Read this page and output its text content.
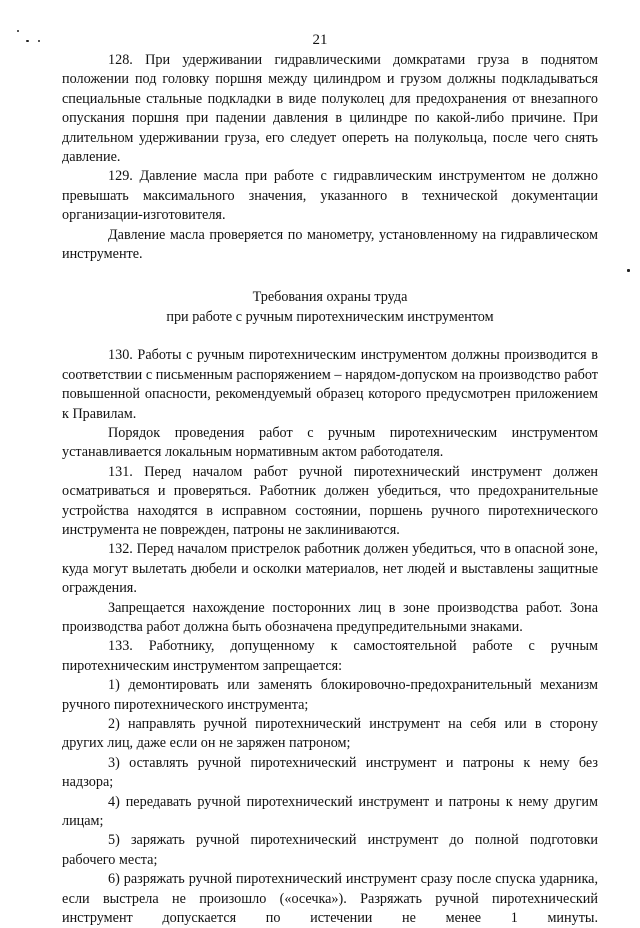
21

128. При удерживании гидравлическими домкратами груза в поднятом положении под головку поршня между цилиндром и грузом должны подкладываться специальные стальные подкладки в виде полуколец для предохранения от внезапного опускания поршня при падении давления в цилиндре по какой-либо причине. При длительном удерживании груза, его следует опереть на полукольца, после чего снять давление.

129. Давление масла при работе с гидравлическим инструментом не должно превышать максимального значения, указанного в технической документации организации-изготовителя.

Давление масла проверяется по манометру, установленному на гидравлическом инструменте.

Требования охраны труда
при работе с ручным пиротехническим инструментом

130. Работы с ручным пиротехническим инструментом должны производится в соответствии с письменным распоряжением – нарядом-допуском на производство работ повышенной опасности, рекомендуемый образец которого предусмотрен приложением к Правилам.

Порядок проведения работ с ручным пиротехническим инструментом устанавливается локальным нормативным актом работодателя.

131. Перед началом работ ручной пиротехнический инструмент должен осматриваться и проверяться. Работник должен убедиться, что предохранительные устройства находятся в исправном состоянии, поршень ручного пиротехнического инструмента не поврежден, патроны не заклиниваются.

132. Перед началом пристрелок работник должен убедиться, что в опасной зоне, куда могут вылетать дюбели и осколки материалов, нет людей и выставлены защитные ограждения.

Запрещается нахождение посторонних лиц в зоне производства работ. Зона производства работ должна быть обозначена предупредительными знаками.

133. Работнику, допущенному к самостоятельной работе с ручным пиротехническим инструментом запрещается:

1) демонтировать или заменять блокировочно-предохранительный механизм ручного пиротехнического инструмента;

2) направлять ручной пиротехнический инструмент на себя или в сторону других лиц, даже если он не заряжен патроном;

3) оставлять ручной пиротехнический инструмент и патроны к нему без надзора;

4) передавать ручной пиротехнический инструмент и патроны к нему другим лицам;

5) заряжать ручной пиротехнический инструмент до полной подготовки рабочего места;

6) разряжать ручной пиротехнический инструмент сразу после спуска ударника, если выстрела не произошло («осечка»). Разряжать ручной пиротехнический инструмент допускается по истечении не менее 1 минуты.
